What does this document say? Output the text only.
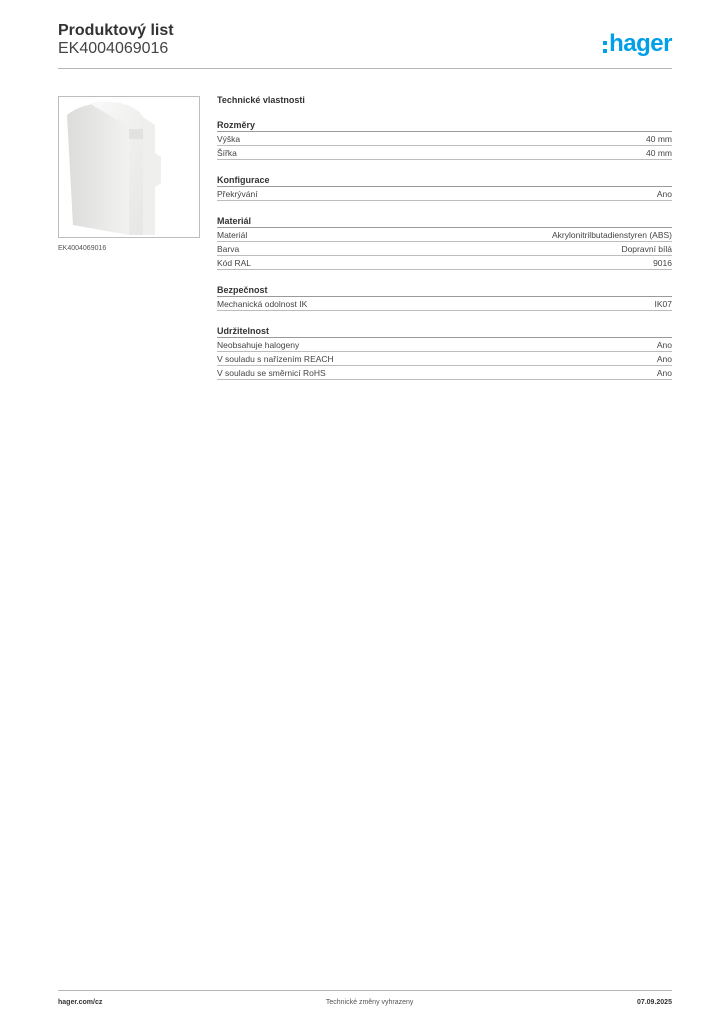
Produktový list
EK4004069016	hager
EK4004069016
Technické vlastnosti
Rozměry
Výška	40 mm
Šířka	40 mm
Konfigurace
Překrývání	Ano
Materiál
Materiál	Akrylonitrilbutadienstyren (ABS)
Barva	Dopravní bílá
Kód RAL	9016
Bezpečnost
Mechanická odolnost IK	IK07
Udržitelnost
Neobsahuje halogeny	Ano
V souladu s nařízením REACH	Ano
V souladu se směrnicí RoHS	Ano
hager.com/cz	Technické změny vyhrazeny	07.09.2025
